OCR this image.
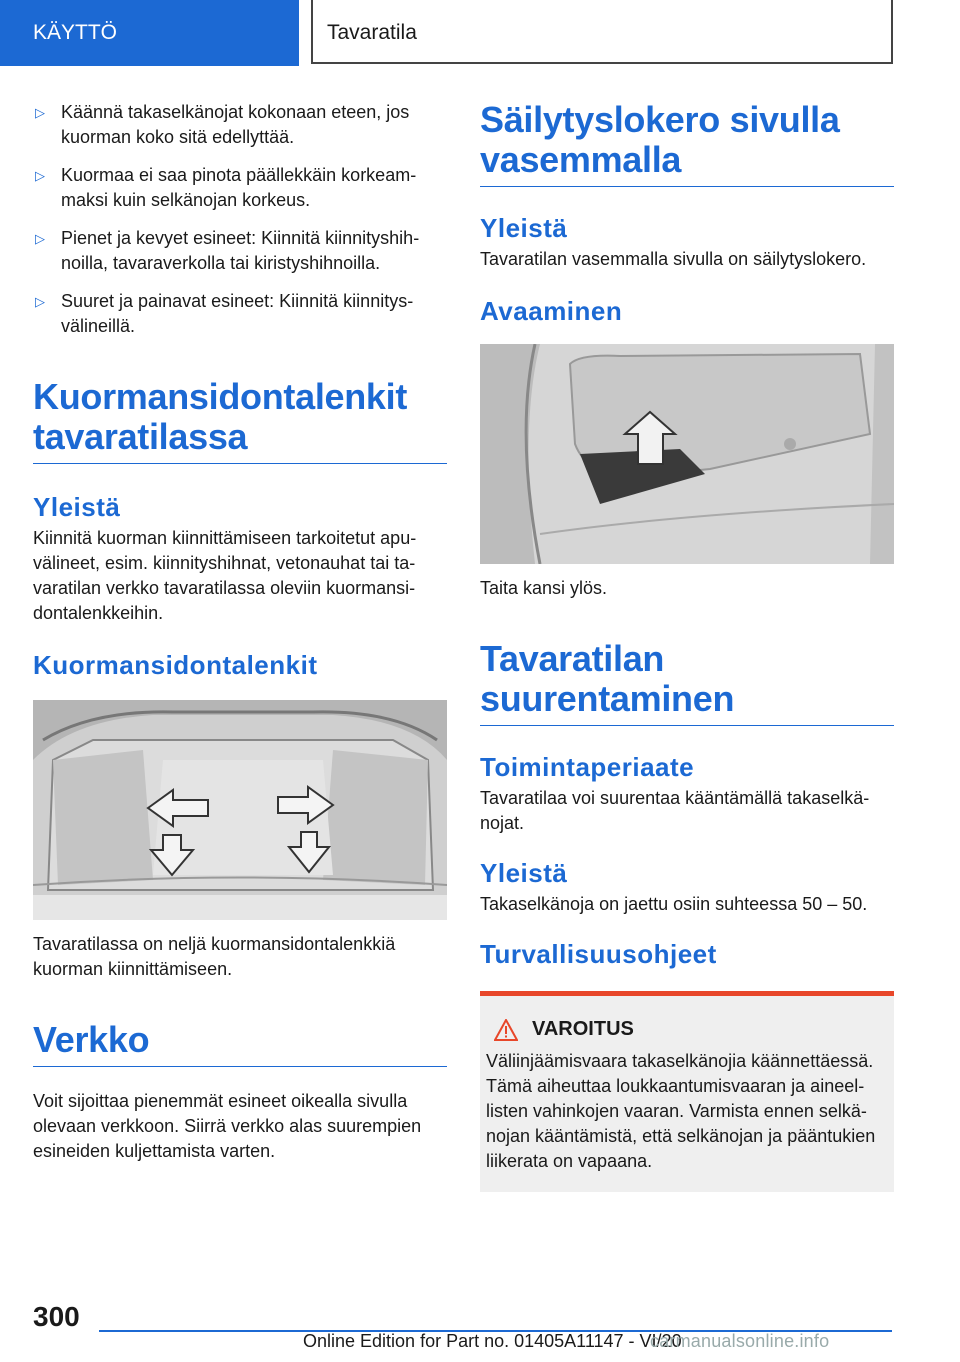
KÄYTTÖ	Tavaratila
▷ Käännä takaselkänojat kokonaan eteen, jos kuorman koko sitä edellyttää.
▷ Kuormaa ei saa pinota päällekkäin korkeammaksi kuin selkänojan korkeus.
▷ Pienet ja kevyet esineet: Kiinnitä kiinnityshihnoilla, tavaraverkolla tai kiristyshihnoilla.
▷ Suuret ja painavat esineet: Kiinnitä kiinnitysvälineillä.
Kuormansidontalenkit tavaratilassa
Yleistä

Kiinnitä kuorman kiinnittämiseen tarkoitetut apuvälineet, esim. kiinnityshihnat, vetonauhat tai tavaratilan verkko tavaratilassa oleviin kuormansidontalenkkeihin.

Kuormansidontalenkit

Tavaratilassa on neljä kuormansidontalenkkiä kuorman kiinnittämiseen.

Verkko

Voit sijoittaa pienemmät esineet oikealla sivulla olevaan verkkoon. Siirrä verkko alas suurempien esineiden kuljettamista varten.

Säilytyslokero sivulla vasemmalla
Yleistä

Tavaratilan vasemmalla sivulla on säilytyslokero.

Avaaminen

Taita kansi ylös.

Tavaratilan suurentaminen
Toimintaperiaate

Tavaratilaa voi suurentaa kääntämällä takaselkänojat.

Yleistä

Takaselkänoja on jaettu osiin suhteessa 50 – 50.

Turvallisuusohjeet
VAROITUS

Väliinjäämisvaara takaselkänojia käännettäessä. Tämä aiheuttaa loukkaantumisvaaran ja aineellisten vahinkojen vaaran. Varmista ennen selkänojan kääntämistä, että selkänojan ja pääntukien liikerata on vapaana.

300
Online Edition for Part no. 01405A11147 - VI/20
carmanualsonline.info
